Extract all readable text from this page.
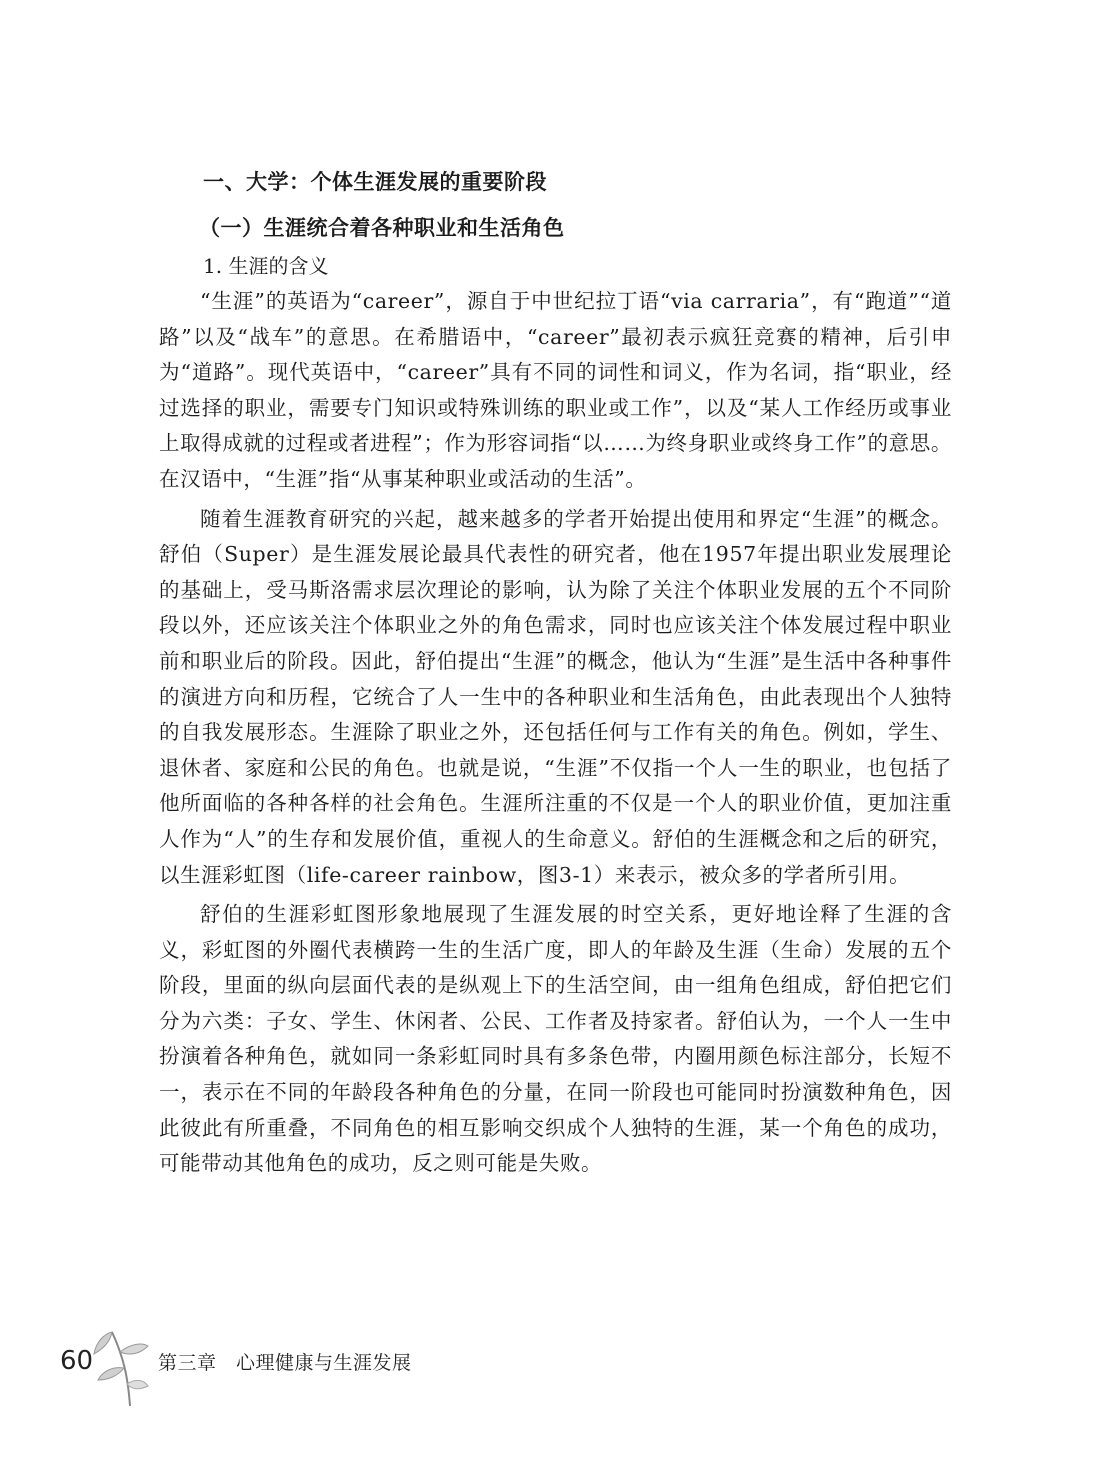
一、大学：个体生涯发展的重要阶段
（一）生涯统合着各种职业和生活角色
1. 生涯的含义

“生涯”的英语为“career”，源自于中世纪拉丁语“via carraria”，有“跑道”“道路”以及“战车”的意思。在希腊语中，“career”最初表示疯狂竞赛的精神，后引申为“道路”。现代英语中，“career”具有不同的词性和词义，作为名词，指“职业，经过选择的职业，需要专门知识或特殊训练的职业或工作”，以及“某人工作经历或事业上取得成就的过程或者进程”；作为形容词指“以……为终身职业或终身工作”的意思。在汉语中，“生涯”指“从事某种职业或活动的生活”。

随着生涯教育研究的兴起，越来越多的学者开始提出使用和界定“生涯”的概念。舒伯（Super）是生涯发展论最具代表性的研究者，他在1957年提出职业发展理论的基础上，受马斯洛需求层次理论的影响，认为除了关注个体职业发展的五个不同阶段以外，还应该关注个体职业之外的角色需求，同时也应该关注个体发展过程中职业前和职业后的阶段。因此，舒伯提出“生涯”的概念，他认为“生涯”是生活中各种事件的演进方向和历程，它统合了人一生中的各种职业和生活角色，由此表现出个人独特的自我发展形态。生涯除了职业之外，还包括任何与工作有关的角色。例如，学生、退休者、家庭和公民的角色。也就是说，“生涯”不仅指一个人一生的职业，也包括了他所面临的各种各样的社会角色。生涯所注重的不仅是一个人的职业价值，更加注重人作为“人”的生存和发展价值，重视人的生命意义。舒伯的生涯概念和之后的研究，以生涯彩虹图（life-career rainbow，图3-1）来表示，被众多的学者所引用。

舒伯的生涯彩虹图形象地展现了生涯发展的时空关系，更好地诠释了生涯的含义，彩虹图的外圈代表横跨一生的生活广度，即人的年龄及生涯（生命）发展的五个阶段，里面的纵向层面代表的是纵观上下的生活空间，由一组角色组成，舒伯把它们分为六类：子女、学生、休闲者、公民、工作者及持家者。舒伯认为，一个人一生中扮演着各种角色，就如同一条彩虹同时具有多条色带，内圈用颜色标注部分，长短不一，表示在不同的年龄段各种角色的分量，在同一阶段也可能同时扮演数种角色，因此彼此有所重叠，不同角色的相互影响交织成个人独特的生涯，某一个角色的成功，可能带动其他角色的成功，反之则可能是失败。

60	第三章　心理健康与生涯发展
